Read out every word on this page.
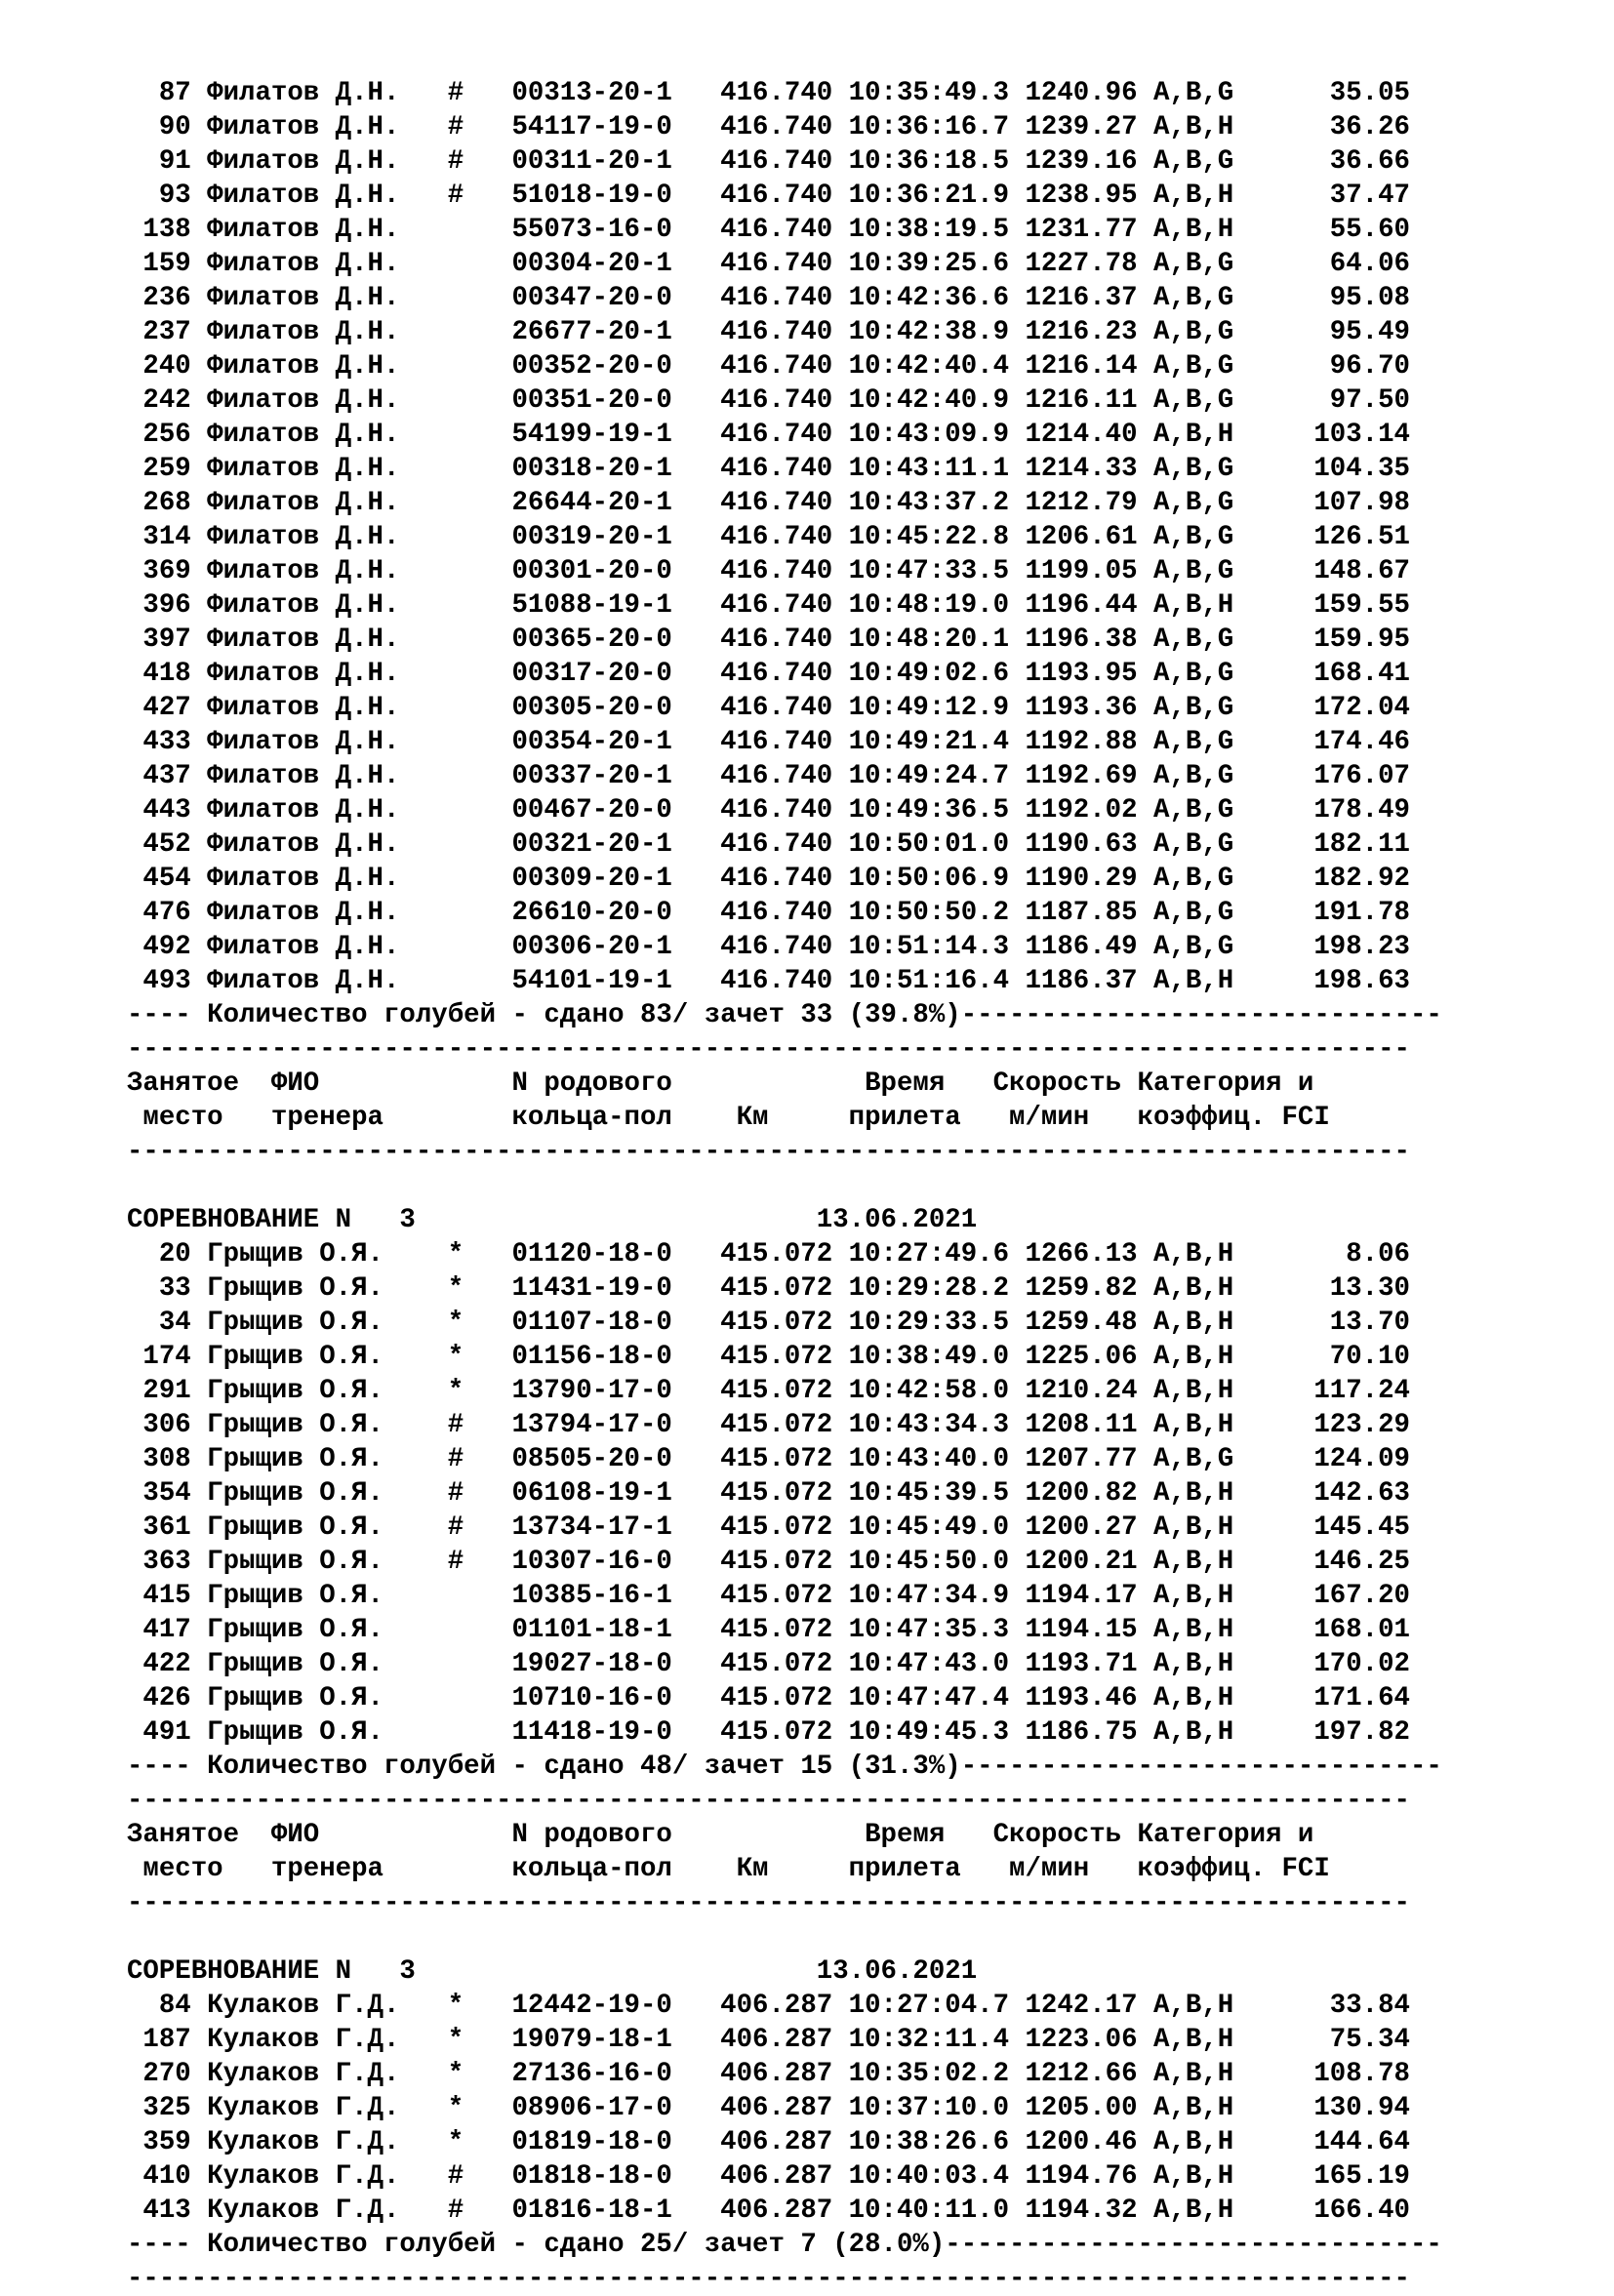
87 Филатов Д.Н.   #   00313-20-1   416.740 10:35:49.3 1240.96 A,B,G      35.05
90 Филатов Д.Н.   #   54117-19-0   416.740 10:36:16.7 1239.27 A,B,H      36.26
91 Филатов Д.Н.   #   00311-20-1   416.740 10:36:18.5 1239.16 A,B,G      36.66
93 Филатов Д.Н.   #   51018-19-0   416.740 10:36:21.9 1238.95 A,B,H      37.47
138 Филатов Д.Н.       55073-16-0   416.740 10:38:19.5 1231.77 A,B,H      55.60
159 Филатов Д.Н.       00304-20-1   416.740 10:39:25.6 1227.78 A,B,G      64.06
236 Филатов Д.Н.       00347-20-0   416.740 10:42:36.6 1216.37 A,B,G      95.08
237 Филатов Д.Н.       26677-20-1   416.740 10:42:38.9 1216.23 A,B,G      95.49
240 Филатов Д.Н.       00352-20-0   416.740 10:42:40.4 1216.14 A,B,G      96.70
242 Филатов Д.Н.       00351-20-0   416.740 10:42:40.9 1216.11 A,B,G      97.50
256 Филатов Д.Н.       54199-19-1   416.740 10:43:09.9 1214.40 A,B,H     103.14
259 Филатов Д.Н.       00318-20-1   416.740 10:43:11.1 1214.33 A,B,G     104.35
268 Филатов Д.Н.       26644-20-1   416.740 10:43:37.2 1212.79 A,B,G     107.98
314 Филатов Д.Н.       00319-20-1   416.740 10:45:22.8 1206.61 A,B,G     126.51
369 Филатов Д.Н.       00301-20-0   416.740 10:47:33.5 1199.05 A,B,G     148.67
396 Филатов Д.Н.       51088-19-1   416.740 10:48:19.0 1196.44 A,B,H     159.55
397 Филатов Д.Н.       00365-20-0   416.740 10:48:20.1 1196.38 A,B,G     159.95
418 Филатов Д.Н.       00317-20-0   416.740 10:49:02.6 1193.95 A,B,G     168.41
427 Филатов Д.Н.       00305-20-0   416.740 10:49:12.9 1193.36 A,B,G     172.04
433 Филатов Д.Н.       00354-20-1   416.740 10:49:21.4 1192.88 A,B,G     174.46
437 Филатов Д.Н.       00337-20-1   416.740 10:49:24.7 1192.69 A,B,G     176.07
443 Филатов Д.Н.       00467-20-0   416.740 10:49:36.5 1192.02 A,B,G     178.49
452 Филатов Д.Н.       00321-20-1   416.740 10:50:01.0 1190.63 A,B,G     182.11
454 Филатов Д.Н.       00309-20-1   416.740 10:50:06.9 1190.29 A,B,G     182.92
476 Филатов Д.Н.       26610-20-0   416.740 10:50:50.2 1187.85 A,B,G     191.78
492 Филатов Д.Н.       00306-20-1   416.740 10:51:14.3 1186.49 A,B,G     198.23
493 Филатов Д.Н.       54101-19-1   416.740 10:51:16.4 1186.37 A,B,H     198.63
---- Количество голубей - сдано 83/ зачет 33 (39.8%)------------------------------
--------------------------------------------------------------------------------
Занятое  ФИО            N родового            Время   Скорость Категория и
место   тренера        кольца-пол    Км     прилета   м/мин   коэффиц. FCI
--------------------------------------------------------------------------------
СОРЕВНОВАНИЕ N   3                         13.06.2021
20 Грыщив О.Я.    *   01120-18-0   415.072 10:27:49.6 1266.13 A,B,H       8.06
33 Грыщив О.Я.    *   11431-19-0   415.072 10:29:28.2 1259.82 A,B,H      13.30
34 Грыщив О.Я.    *   01107-18-0   415.072 10:29:33.5 1259.48 A,B,H      13.70
174 Грыщив О.Я.    *   01156-18-0   415.072 10:38:49.0 1225.06 A,B,H      70.10
291 Грыщив О.Я.    *   13790-17-0   415.072 10:42:58.0 1210.24 A,B,H     117.24
306 Грыщив О.Я.    #   13794-17-0   415.072 10:43:34.3 1208.11 A,B,H     123.29
308 Грыщив О.Я.    #   08505-20-0   415.072 10:43:40.0 1207.77 A,B,G     124.09
354 Грыщив О.Я.    #   06108-19-1   415.072 10:45:39.5 1200.82 A,B,H     142.63
361 Грыщив О.Я.    #   13734-17-1   415.072 10:45:49.0 1200.27 A,B,H     145.45
363 Грыщив О.Я.    #   10307-16-0   415.072 10:45:50.0 1200.21 A,B,H     146.25
415 Грыщив О.Я.        10385-16-1   415.072 10:47:34.9 1194.17 A,B,H     167.20
417 Грыщив О.Я.        01101-18-1   415.072 10:47:35.3 1194.15 A,B,H     168.01
422 Грыщив О.Я.        19027-18-0   415.072 10:47:43.0 1193.71 A,B,H     170.02
426 Грыщив О.Я.        10710-16-0   415.072 10:47:47.4 1193.46 A,B,H     171.64
491 Грыщив О.Я.        11418-19-0   415.072 10:49:45.3 1186.75 A,B,H     197.82
---- Количество голубей - сдано 48/ зачет 15 (31.3%)------------------------------
--------------------------------------------------------------------------------
Занятое  ФИО            N родового            Время   Скорость Категория и
место   тренера        кольца-пол    Км     прилета   м/мин   коэффиц. FCI
--------------------------------------------------------------------------------
СОРЕВНОВАНИЕ N   3                         13.06.2021
84 Кулаков Г.Д.   *   12442-19-0   406.287 10:27:04.7 1242.17 A,B,H      33.84
187 Кулаков Г.Д.   *   19079-18-1   406.287 10:32:11.4 1223.06 A,B,H      75.34
270 Кулаков Г.Д.   *   27136-16-0   406.287 10:35:02.2 1212.66 A,B,H     108.78
325 Кулаков Г.Д.   *   08906-17-0   406.287 10:37:10.0 1205.00 A,B,H     130.94
359 Кулаков Г.Д.   *   01819-18-0   406.287 10:38:26.6 1200.46 A,B,H     144.64
410 Кулаков Г.Д.   #   01818-18-0   406.287 10:40:03.4 1194.76 A,B,H     165.19
413 Кулаков Г.Д.   #   01816-18-1   406.287 10:40:11.0 1194.32 A,B,H     166.40
---- Количество голубей - сдано 25/ зачет 7 (28.0%)-------------------------------
--------------------------------------------------------------------------------
